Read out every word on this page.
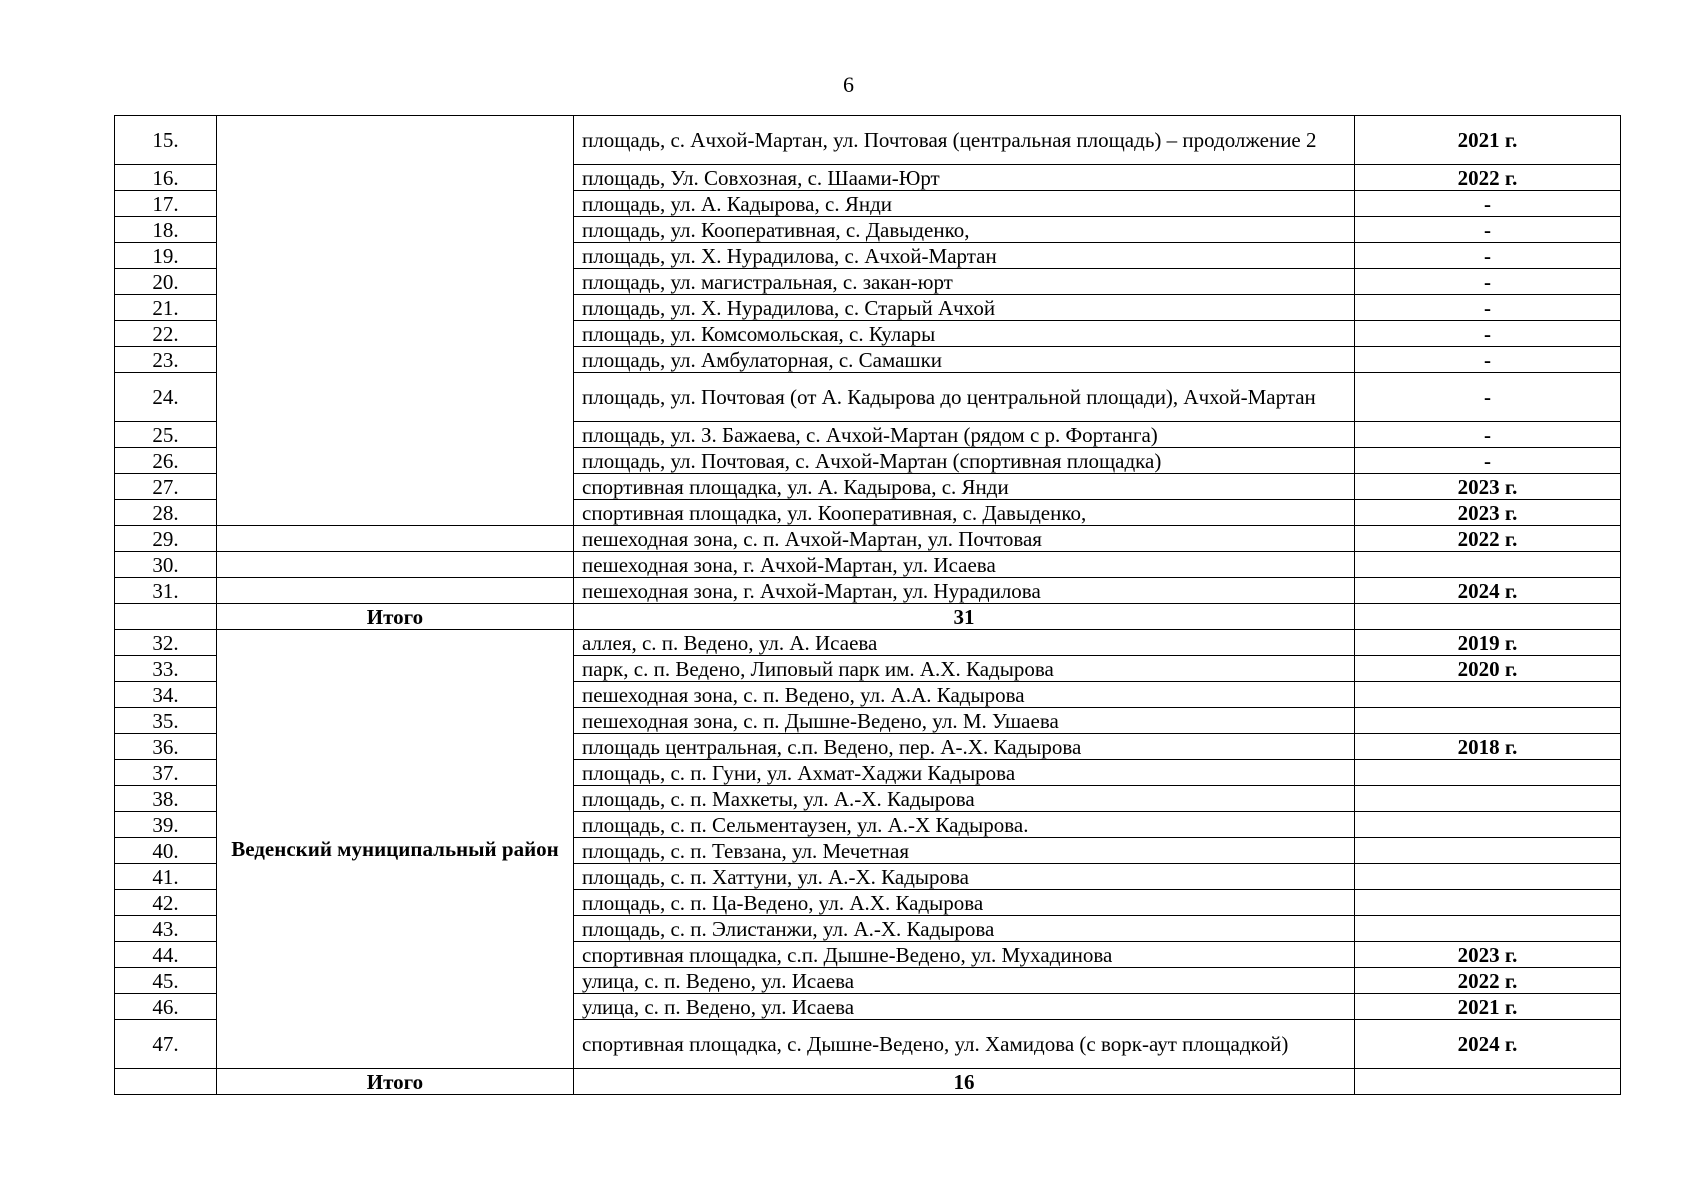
6
15.		площадь, с. Ачхой-Мартан, ул. Почтовая (центральная площадь) – продолжение 2	2021 г.
16.		площадь, Ул. Совхозная, с. Шаами-Юрт	2022 г.
17.		площадь, ул. А. Кадырова, с. Янди	-
18.		площадь, ул. Кооперативная, с. Давыденко,	-
19.		площадь, ул. Х. Нурадилова, с. Ачхой-Мартан	-
20.		площадь, ул. магистральная, с. закан-юрт	-
21.		площадь, ул. Х. Нурадилова, с. Старый Ачхой	-
22.		площадь, ул. Комсомольская, с. Кулары	-
23.		площадь, ул. Амбулаторная, с. Самашки	-
24.		площадь, ул. Почтовая (от А. Кадырова до центральной площади), Ачхой-Мартан	-
25.		площадь, ул. З. Бажаева, с. Ачхой-Мартан (рядом с р. Фортанга)	-
26.		площадь, ул. Почтовая, с. Ачхой-Мартан (спортивная площадка)	-
27.		спортивная площадка, ул. А. Кадырова, с. Янди	2023 г.
28.		спортивная площадка, ул. Кооперативная, с. Давыденко,	2023 г.
29.		пешеходная зона, с. п. Ачхой-Мартан, ул. Почтовая	2022 г.
30.		пешеходная зона, г. Ачхой-Мартан, ул. Исаева	
31.		пешеходная зона, г. Ачхой-Мартан, ул. Нурадилова	2024 г.
	Итого	31	
32.	Веденский муниципальный район	аллея, с. п. Ведено, ул. А. Исаева	2019 г.
33.		парк, с. п. Ведено, Липовый парк им. А.Х. Кадырова	2020 г.
34.		пешеходная зона, с. п. Ведено, ул. А.А. Кадырова	
35.		пешеходная зона, с. п. Дышне-Ведено, ул. М. Ушаева	
36.		площадь центральная, с.п. Ведено, пер. А-.Х. Кадырова	2018 г.
37.		площадь, с. п. Гуни, ул. Ахмат-Хаджи Кадырова	
38.		площадь, с. п. Махкеты, ул. А.-Х. Кадырова	
39.		площадь, с. п. Сельментаузен, ул. А.-Х Кадырова.	
40.		площадь, с. п. Тевзана, ул. Мечетная	
41.		площадь, с. п. Хаттуни, ул. А.-Х. Кадырова	
42.		площадь, с. п. Ца-Ведено, ул. А.Х. Кадырова	
43.		площадь, с. п. Элистанжи, ул. А.-Х. Кадырова	
44.		спортивная площадка, с.п. Дышне-Ведено, ул. Мухадинова	2023 г.
45.		улица, с. п. Ведено, ул. Исаева	2022 г.
46.		улица, с. п. Ведено, ул. Исаева	2021 г.
47.		спортивная площадка, с. Дышне-Ведено, ул. Хамидова (с ворк-аут площадкой)	2024 г.
	Итого	16	
